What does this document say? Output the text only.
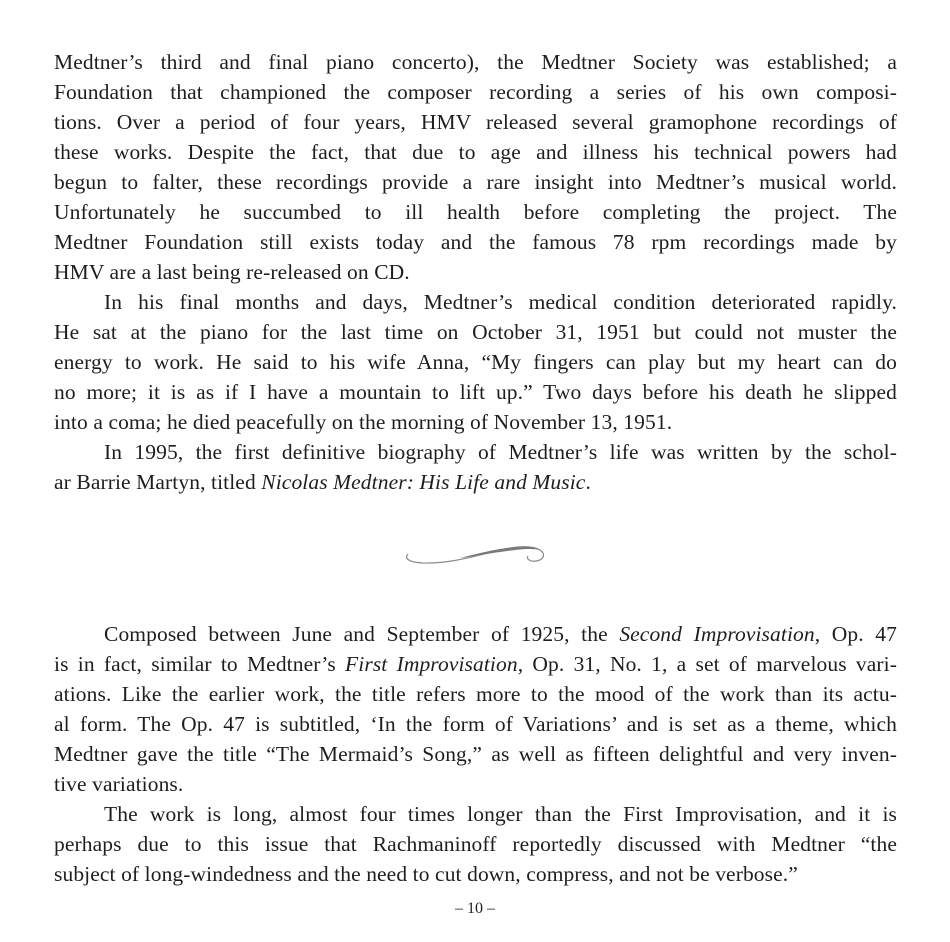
Medtner’s third and final piano concerto), the Medtner Society was established; a
Foundation that championed the composer recording a series of his own composi-
tions. Over a period of four years, HMV released several gramophone recordings of
these works. Despite the fact, that due to age and illness his technical powers had
begun to falter, these recordings provide a rare insight into Medtner’s musical world.
Unfortunately he succumbed to ill health before completing the project. The
Medtner Foundation still exists today and the famous 78 rpm recordings made by
HMV are a last being re-released on CD.
In his final months and days, Medtner’s medical condition deteriorated rapidly.
He sat at the piano for the last time on October 31, 1951 but could not muster the
energy to work. He said to his wife Anna, “My fingers can play but my heart can do
no more; it is as if I have a mountain to lift up.” Two days before his death he slipped
into a coma; he died peacefully on the morning of November 13, 1951.
In 1995, the first definitive biography of Medtner’s life was written by the schol-
ar Barrie Martyn, titled Nicolas Medtner: His Life and Music.
Composed between June and September of 1925, the Second Improvisation, Op. 47
is in fact, similar to Medtner’s First Improvisation, Op. 31, No. 1, a set of marvelous vari-
ations. Like the earlier work, the title refers more to the mood of the work than its actu-
al form. The Op. 47 is subtitled, ‘In the form of Variations’ and is set as a theme, which
Medtner gave the title “The Mermaid’s Song,” as well as fifteen delightful and very inven-
tive variations.
The work is long, almost four times longer than the First Improvisation, and it is
perhaps due to this issue that Rachmaninoff reportedly discussed with Medtner “the
subject of long-windedness and the need to cut down, compress, and not be verbose.”
– 10 –
